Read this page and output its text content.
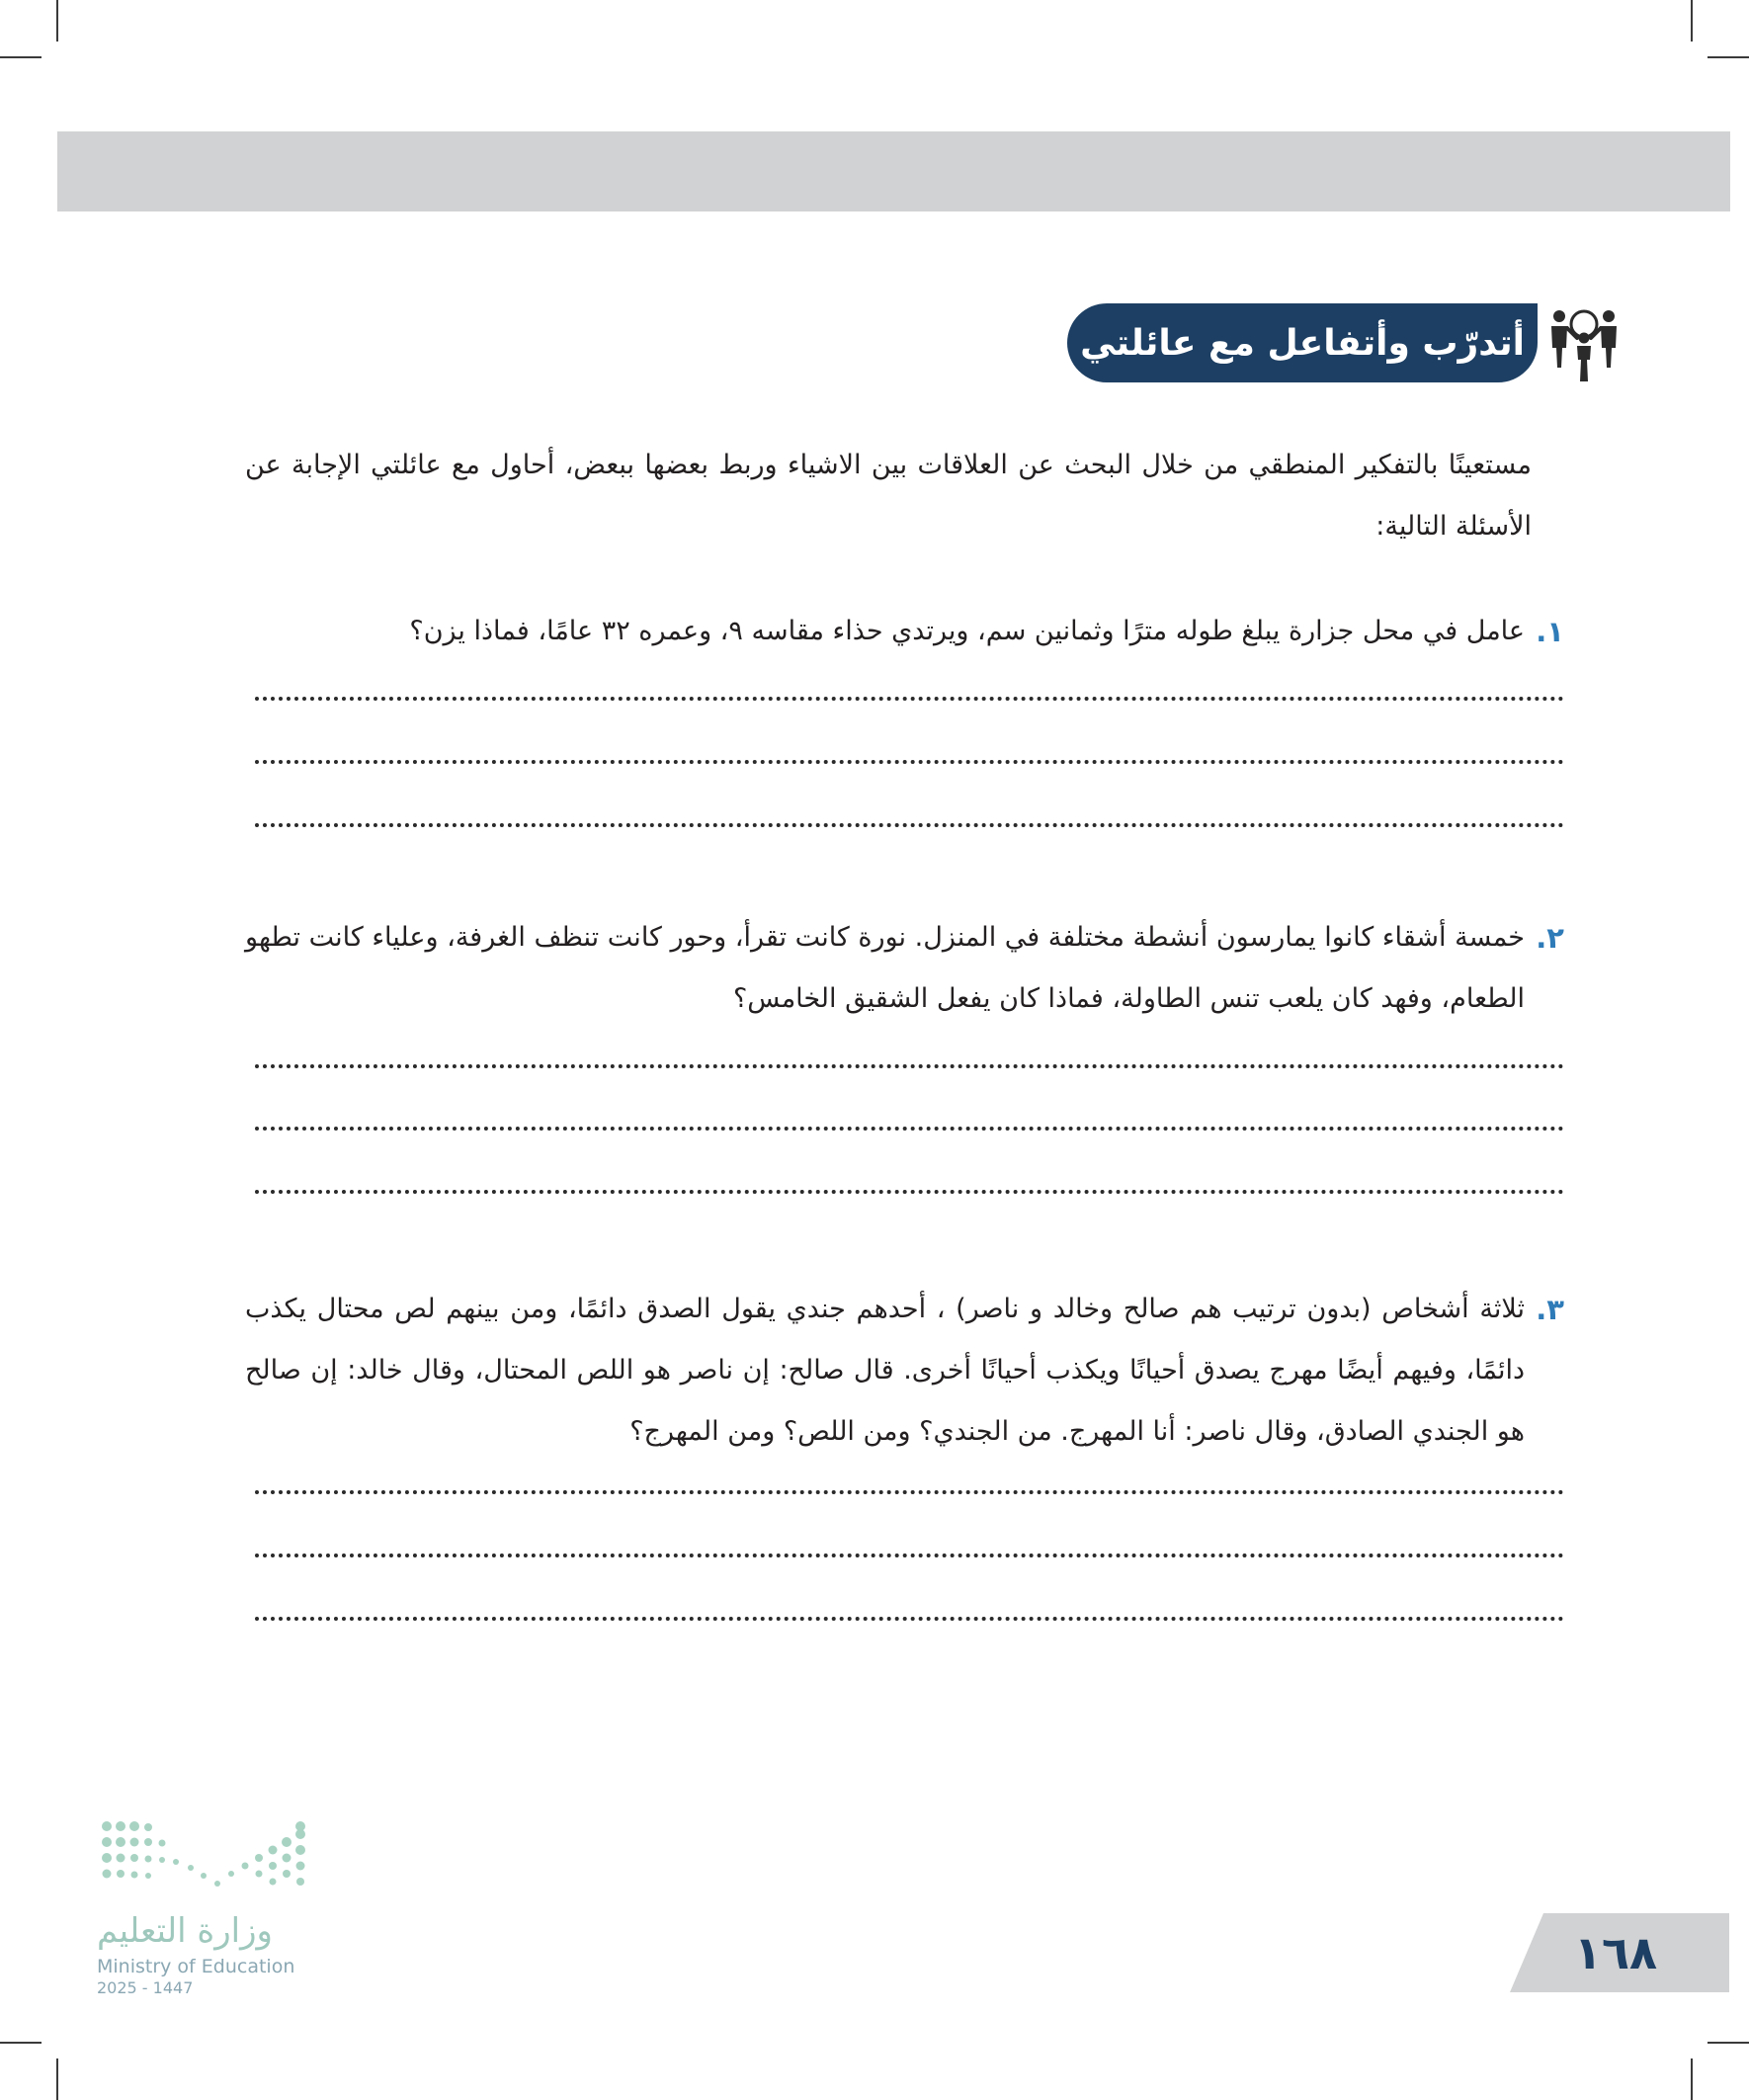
أتدرّب وأتفاعل مع عائلتي

مستعينًا بالتفكير المنطقي من خلال البحث عن العلاقات بين الاشياء وربط بعضها ببعض، أحاول مع عائلتي الإجابة عن الأسئلة التالية:

١.

عامل في محل جزارة يبلغ طوله مترًا وثمانين سم، ويرتدي حذاء مقاسه ٩، وعمره ٣٢ عامًا، فماذا يزن؟

٢.

خمسة أشقاء كانوا يمارسون أنشطة مختلفة في المنزل. نورة كانت تقرأ، وحور كانت تنظف الغرفة، وعلياء كانت تطهو الطعام، وفهد كان يلعب تنس الطاولة، فماذا كان يفعل الشقيق الخامس؟

٣.

ثلاثة أشخاص (بدون ترتيب هم صالح وخالد و ناصر) ، أحدهم جندي يقول الصدق دائمًا، ومن بينهم لص محتال يكذب دائمًا، وفيهم أيضًا مهرج يصدق أحيانًا ويكذب أحيانًا أخرى. قال صالح: إن ناصر هو اللص المحتال، وقال خالد: إن صالح هو الجندي الصادق، وقال ناصر: أنا المهرج. من الجندي؟ ومن اللص؟ ومن المهرج؟

وزارة التعليم
Ministry of Education
2025 - 1447
١٦٨
